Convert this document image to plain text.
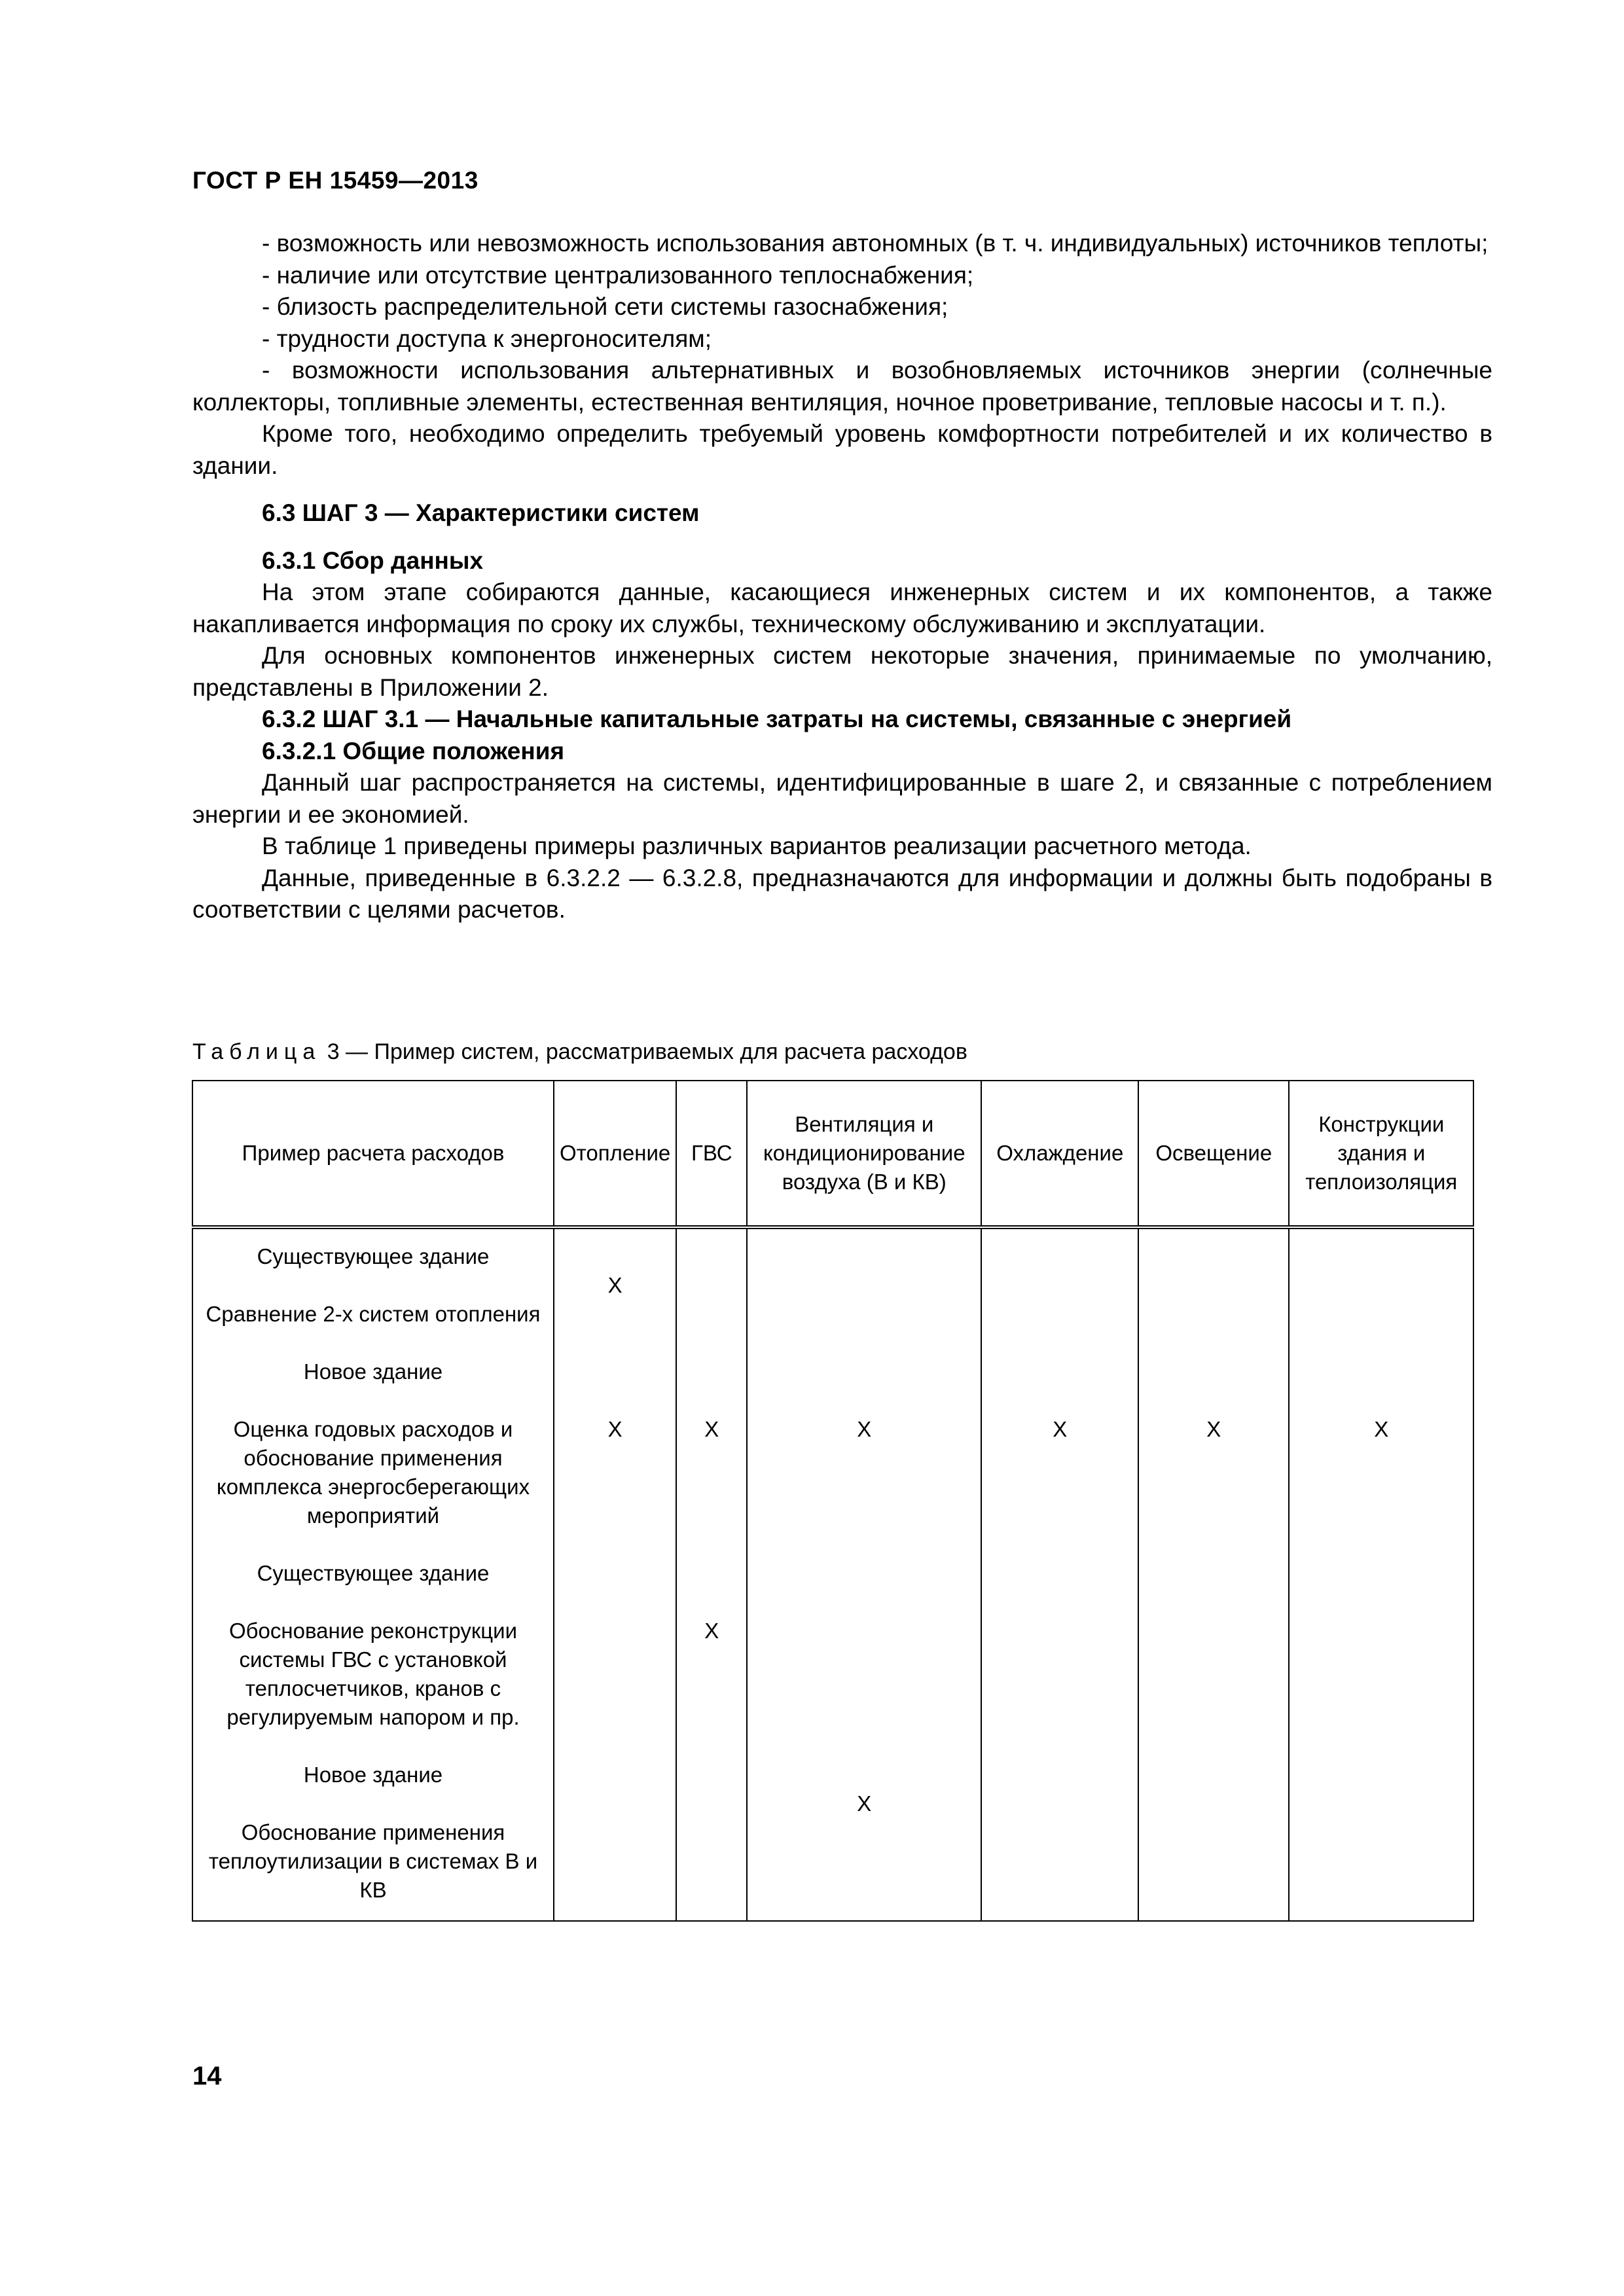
ГОСТ Р ЕН 15459—2013

- возможность или невозможность использования автономных (в т. ч. индивидуальных) источников теплоты;

- наличие или отсутствие централизованного теплоснабжения;

- близость распределительной сети системы газоснабжения;

- трудности доступа к энергоносителям;

- возможности использования альтернативных и возобновляемых источников энергии (солнечные коллекторы, топливные элементы, естественная вентиляция, ночное проветривание, тепловые насосы и т. п.).

Кроме того, необходимо определить требуемый уровень комфортности потребителей и их количество в здании.

6.3 ШАГ 3 — Характеристики систем

6.3.1 Сбор данных

На этом этапе собираются данные, касающиеся инженерных систем и их компонентов, а также накапливается информация по сроку их службы, техническому обслуживанию и эксплуатации.

Для основных компонентов инженерных систем некоторые значения, принимаемые по умолчанию, представлены в Приложении 2.

6.3.2 ШАГ 3.1 — Начальные капитальные затраты на системы, связанные с энергией

6.3.2.1 Общие положения

Данный шаг распространяется на системы, идентифицированные в шаге 2, и связанные с потреблением энергии и ее экономией.

В таблице 1 приведены примеры различных вариантов реализации расчетного метода.

Данные, приведенные в 6.3.2.2 — 6.3.2.8, предназначаются для информации и должны быть подобраны в соответствии с целями расчетов.

Таблица 3 — Пример систем, рассматриваемых для расчета расходов
Пример расчета расходов	Отопление	ГВС	Вентиляция и кондиционирование воздуха (В и КВ)	Охлаждение	Освещение	Конструкции здания и теплоизоляция

Существующее здание
Сравнение 2-х систем отопления	X					

Новое здание
Оценка годовых расходов и обоснование применения комплекса энергосберегающих мероприятий	X	X	X	X	X	X

Существующее здание
Обоснование реконструкции системы ГВС с установкой теплосчетчиков, кранов с регулируемым напором и пр.		X				

Новое здание
Обоснование применения теплоутилизации в системах В и КВ			X			
14
